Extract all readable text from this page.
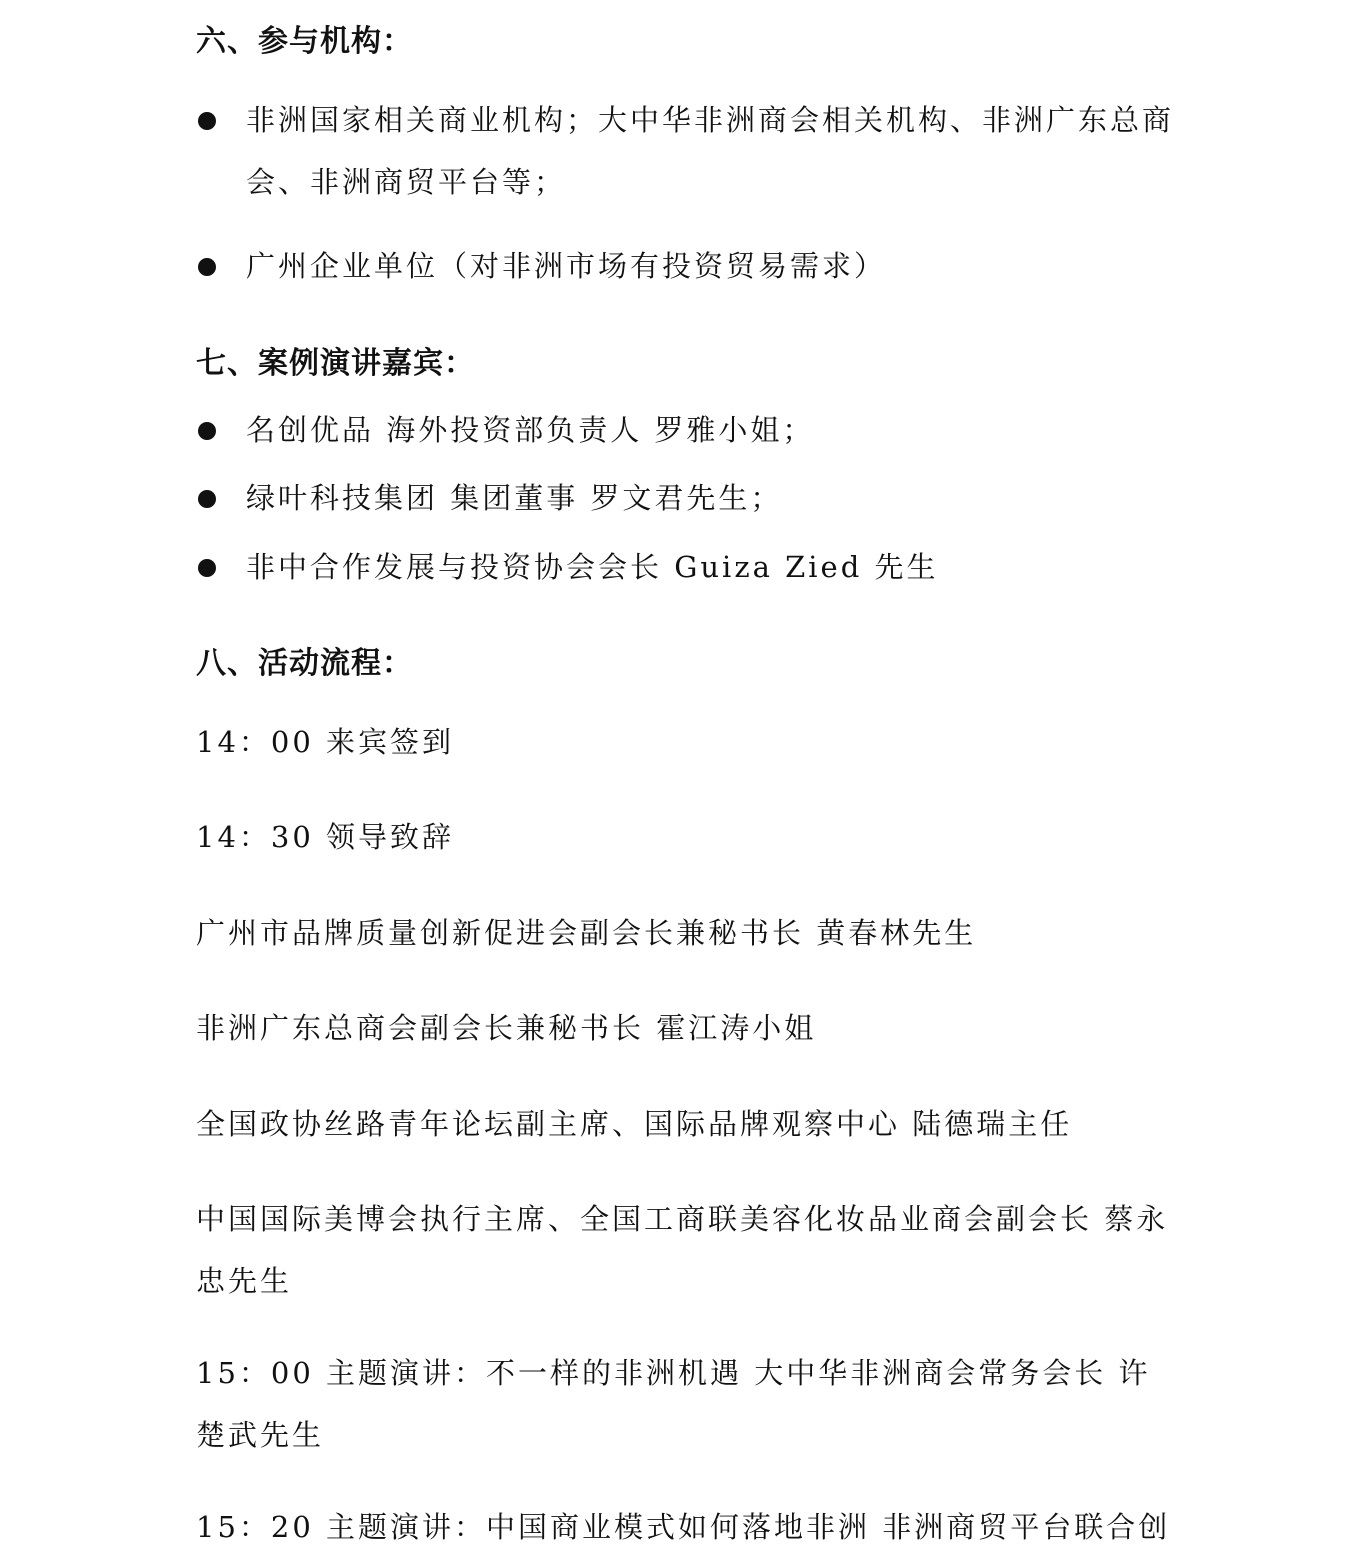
六、参与机构：
非洲国家相关商业机构；大中华非洲商会相关机构、非洲广东总商会、非洲商贸平台等；
广州企业单位（对非洲市场有投资贸易需求）
七、案例演讲嘉宾：
名创优品 海外投资部负责人 罗雅小姐；
绿叶科技集团 集团董事 罗文君先生；
非中合作发展与投资协会会长 Guiza Zied 先生
八、活动流程：
14：00 来宾签到
14：30 领导致辞
广州市品牌质量创新促进会副会长兼秘书长 黄春林先生
非洲广东总商会副会长兼秘书长 霍江涛小姐
全国政协丝路青年论坛副主席、国际品牌观察中心 陆德瑞主任
中国国际美博会执行主席、全国工商联美容化妆品业商会副会长 蔡永忠先生
15：00 主题演讲：不一样的非洲机遇 大中华非洲商会常务会长 许楚武先生
15：20 主题演讲：中国商业模式如何落地非洲 非洲商贸平台联合创
